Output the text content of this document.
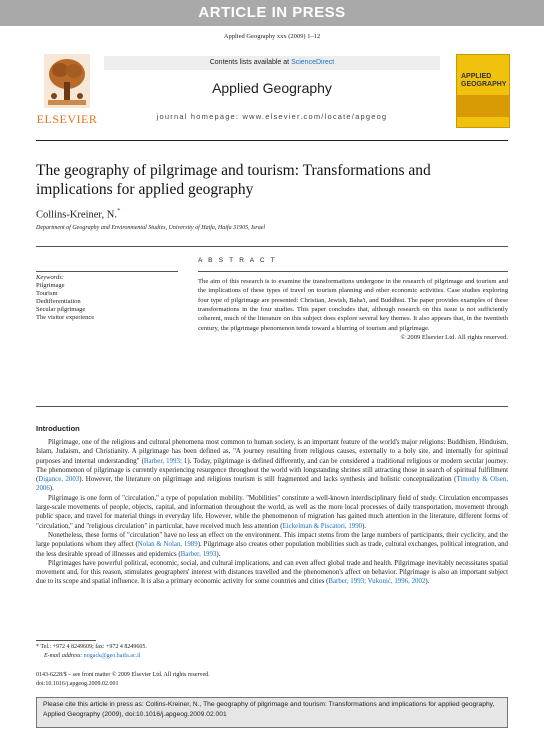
ARTICLE IN PRESS
Applied Geography xxx (2009) 1–12
ELSEVIER
Contents lists available at ScienceDirect
Applied Geography
journal homepage: www.elsevier.com/locate/apgeog
APPLIED
GEOGRAPHY
The geography of pilgrimage and tourism: Transformations and implications for applied geography
Collins-Kreiner, N.*
Department of Geography and Environmental Studies, University of Haifa, Haifa 31905, Israel
A B S T R A C T
Keywords:
Pilgrimage
Tourism
Dedifferentiation
Secular pilgrimage
The visitor experience
The aim of this research is to examine the transformations undergone in the research of pilgrimage and tourism and the implications of these types of travel on tourism planning and other economic activities. Case studies exploring four type of pilgrimage are presented: Christian, Jewish, Baha'i, and Buddhist. The paper provides examples of these transformations in the four studies. This paper concludes that, although research on this issue is not sufficiently coherent, much of the literature on this subject does explore several key themes. It also appears that, in the twentieth century, the pilgrimage phenomenon tends toward a blurring of tourism and pilgrimage.
© 2009 Elsevier Ltd. All rights reserved.
Introduction

Pilgrimage, one of the religious and cultural phenomena most common to human society, is an important feature of the world's major religions: Buddhism, Hinduism, Islam, Judaism, and Christianity. A pilgrimage has been defined as, "A journey resulting from religious causes, externally to a holy site, and internally for spiritual purposes and internal understanding" (Barber, 1993: 1). Today, pilgrimage is defined differently, and can be considered a traditional religious or modern secular journey. The phenomenon of pilgrimage is currently experiencing resurgence throughout the world with longstanding shrines still attracting those in search of spiritual fulfillment (Digance, 2003). However, the literature on pilgrimage and religious tourism is still fragmented and lacks synthesis and holistic conceptualization (Timothy & Olsen, 2006).

Pilgrimage is one form of "circulation," a type of population mobility. "Mobilities" constitute a well-known interdisciplinary field of study. Circulation encompasses large-scale movements of people, objects, capital, and information throughout the world, as well as the more local processes of daily transportation, movement through public space, and travel for material things in everyday life. However, while the phenomenon of migration has gained much attention in the literature, different forms of "circulation," and "religious circulation" in particular, have received much less attention (Eickelman & Piscatori, 1990).

Nonetheless, these forms of "circulation" have no less an effect on the environment. This impact stems from the large numbers of participants, their cyclicity, and the large populations whom they affect (Nolan & Nolan, 1989). Pilgrimage also creates other population mobilities such as trade, cultural exchanges, political integration, and the less desirable spread of illnesses and epidemics (Barber, 1993).

Pilgrimages have powerful political, economic, social, and cultural implications, and can even affect global trade and health. Pilgrimage inevitably necessitates spatial movement and, for this reason, stimulates geographers' interest with distances travelled and the phenomenon's affect on behavior. Pilgrimage is also an important subject due to its scope and spatial influence. It is also a primary economic activity for some countries and cities (Barber, 1993; Vukonić, 1996, 2002).

* Tel.: +972 4 8249609; fax: +972 4 8249605.
E-mail address: nogack@geo.haifa.ac.il
0143-6228/$ – see front matter © 2009 Elsevier Ltd. All rights reserved.
doi:10.1016/j.apgeog.2009.02.001
Please cite this article in press as: Collins-Kreiner, N., The geography of pilgrimage and tourism: Transformations and implications for applied geography, Applied Geography (2009), doi:10.1016/j.apgeog.2009.02.001
